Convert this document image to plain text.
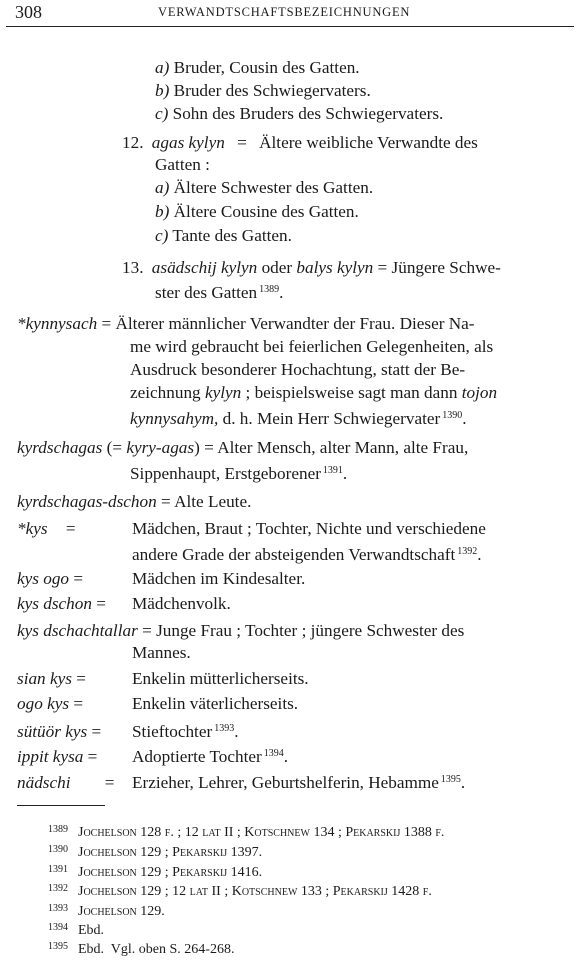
308	VERWANDTSCHAFTSBEZEICHNUNGEN
a) Bruder, Cousin des Gatten.
b) Bruder des Schwiegervaters.
c) Sohn des Bruders des Schwiegervaters.
12. agas kylyn = Ältere weibliche Verwandte des
Gatten :
a) Ältere Schwester des Gatten.
b) Ältere Cousine des Gatten.
c) Tante des Gatten.
13. asädschij kylyn oder balys kylyn = Jüngere Schwe-
ster des Gatten $^{1389}$.
*kynnysach = Älterer männlicher Verwandter der Frau. Dieser Na-
me wird gebraucht bei feierlichen Gelegenheiten, als
Ausdruck besonderer Hochachtung, statt der Be-
zeichnung kylyn ; beispielsweise sagt man dann tojon
kynnysahym, d. h. Mein Herr Schwiegervater $^{1390}$.
kyrdschagas (= kyry-agas) = Alter Mensch, alter Mann, alte Frau,
Sippenhaupt, Erstgeborener $^{1391}$.
kyrdschagas-dschon = Alte Leute.
*kys =	Mädchen, Braut ; Tochter, Nichte und verschiedene
andere Grade der absteigenden Verwandtschaft $^{1392}$.
kys ogo =	Mädchen im Kindesalter.
kys dschon = Mädchenvolk.
kys dschachtallar = Junge Frau ; Tochter ; jüngere Schwester des
Mannes.
sian kys =	Enkelin mütterlicherseits.
ogo kys =	Enkelin väterlicherseits.
sütüör kys = Stieftochter $^{1393}$.
ippit kysa = Adoptierte Tochter $^{1394}$.
nädschi = Erzieher, Lehrer, Geburtshelferin, Hebamme $^{1395}$.
1389 Jochelson 128 f. ; 12 lat II ; Kotschnew 134 ; Pekarskij 1388 f.
1390 Jochelson 129 ; Pekarskij 1397.
1391 Jochelson 129 ; Pekarskij 1416.
1392 Jochelson 129 ; 12 lat II ; Kotschnew 133 ; Pekarskij 1428 f.
1393 Jochelson 129.
1394 Ebd.
1395 Ebd.  Vgl. oben S. 264-268.
